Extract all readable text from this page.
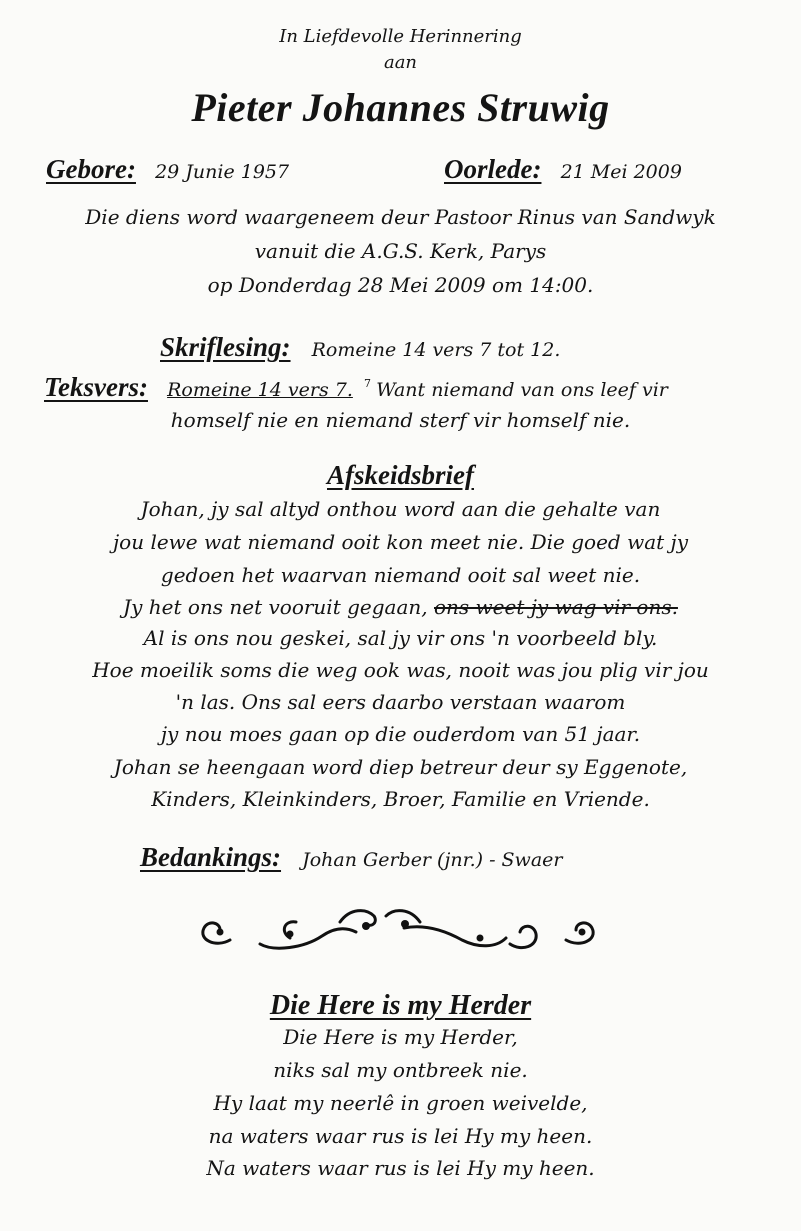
In Liefdevolle Herinnering
aan
Pieter Johannes Struwig
Gebore: 29 Junie 1957	Oorlede: 21 Mei 2009
Die diens word waargeneem deur Pastoor Rinus van Sandwyk
vanuit die A.G.S. Kerk, Parys
op Donderdag 28 Mei 2009 om 14:00.
Skriflesing: Romeine 14 vers 7 tot 12.
Teksvers: Romeine 14 vers 7. $^7$ Want niemand van ons leef vir
homself nie en niemand sterf vir homself nie.
Afskeidsbrief
Johan, jy sal altyd onthou word aan die gehalte van
jou lewe wat niemand ooit kon meet nie. Die goed wat jy
gedoen het waarvan niemand ooit sal weet nie.
Jy het ons net vooruit gegaan, ons weet jy wag vir ons.
Al is ons nou geskei, sal jy vir ons 'n voorbeeld bly.
Hoe moeilik soms die weg ook was, nooit was jou plig vir jou
'n las. Ons sal eers daarbo verstaan waarom
jy nou moes gaan op die ouderdom van 51 jaar.
Johan se heengaan word diep betreur deur sy Eggenote,
Kinders, Kleinkinders, Broer, Familie en Vriende.
Bedankings: Johan Gerber (jnr.) - Swaer
Die Here is my Herder
Die Here is my Herder,
niks sal my ontbreek nie.
Hy laat my neerlê in groen weivelde,
na waters waar rus is lei Hy my heen.
Na waters waar rus is lei Hy my heen.
